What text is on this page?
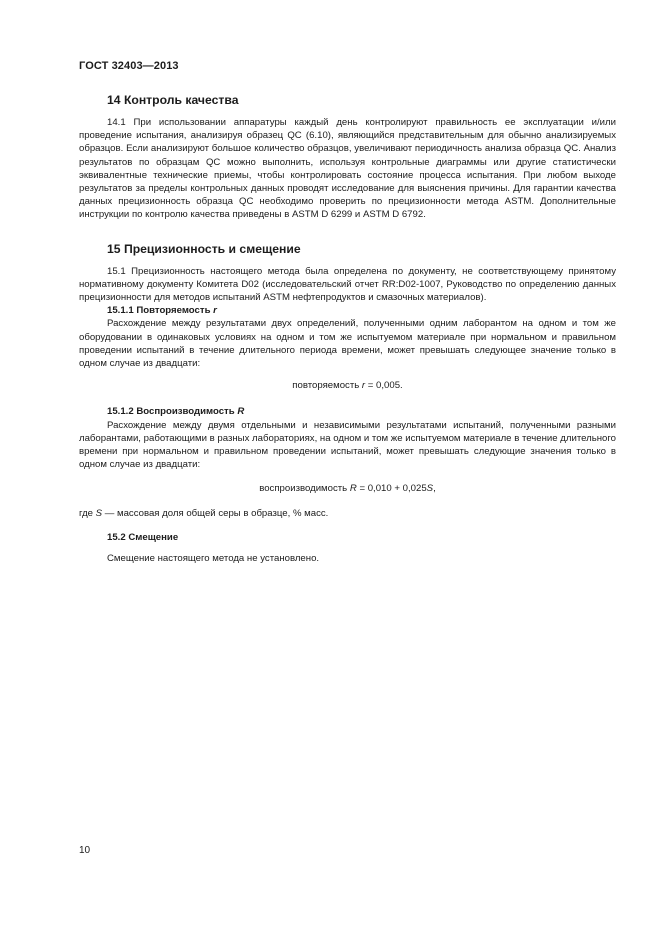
ГОСТ 32403—2013
14 Контроль качества

14.1 При использовании аппаратуры каждый день контролируют правильность ее эксплуатации и/или проведение испытания, анализируя образец QC (6.10), являющийся представительным для обычно анализируемых образцов. Если анализируют большое количество образцов, увеличивают периодичность анализа образца QC. Анализ результатов по образцам QC можно выполнить, используя контрольные диаграммы или другие статистически эквивалентные технические приемы, чтобы контролировать состояние процесса испытания. При любом выходе результатов за пределы контрольных данных проводят исследование для выяснения причины. Для гарантии качества данных прецизионность образца QC необходимо проверить по прецизионности метода ASTM. Дополнительные инструкции по контролю качества приведены в ASTM D 6299 и ASTM D 6792.

15 Прецизионность и смещение

15.1 Прецизионность настоящего метода была определена по документу, не соответствующему принятому нормативному документу Комитета D02 (исследовательский отчет RR:D02-1007, Руководство по определению данных прецизионности для методов испытаний ASTM нефтепродуктов и смазочных материалов).

15.1.1 Повторяемость r

Расхождение между результатами двух определений, полученными одним лаборантом на одном и том же оборудовании в одинаковых условиях на одном и том же испытуемом материале при нормальном и правильном проведении испытаний в течение длительного периода времени, может превышать следующее значение только в одном случае из двадцати:

повторяемость r = 0,005.
15.1.2 Воспроизводимость R

Расхождение между двумя отдельными и независимыми результатами испытаний, полученными разными лаборантами, работающими в разных лабораториях, на одном и том же испытуемом материале в течение длительного времени при нормальном и правильном проведении испытаний, может превышать следующие значения только в одном случае из двадцати:

воспроизводимость R = 0,010 + 0,025S,

где S — массовая доля общей серы в образце, % масс.

15.2 Смещение
Смещение настоящего метода не установлено.
10
